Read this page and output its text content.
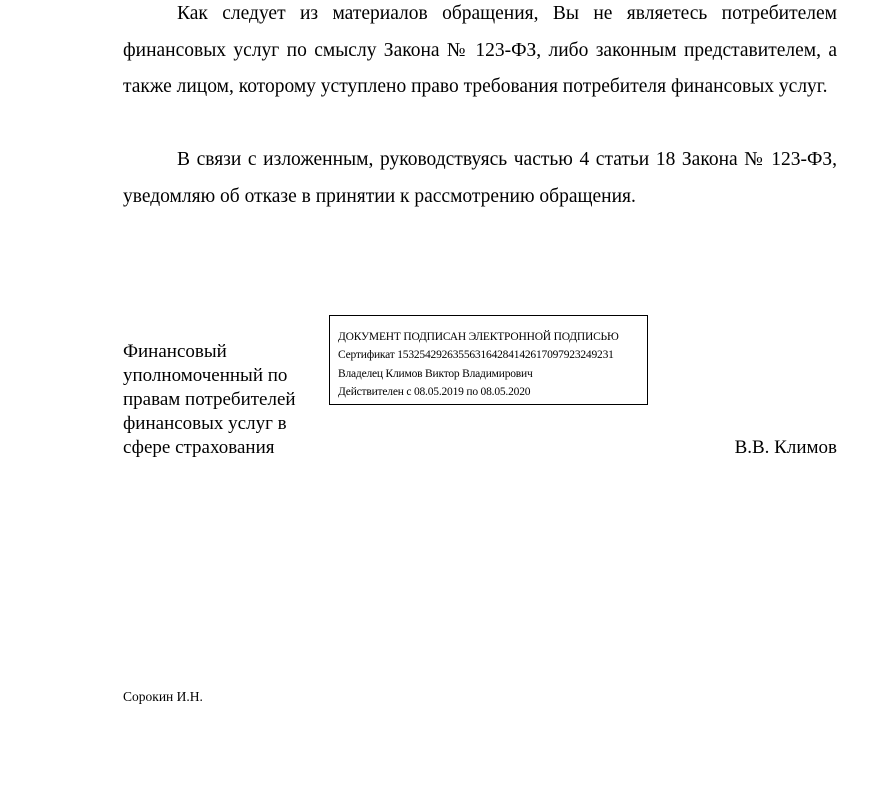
Как следует из материалов обращения, Вы не являетесь потребителем финансовых услуг по смыслу Закона № 123-ФЗ, либо законным представителем, а также лицом, которому уступлено право требования потребителя финансовых услуг.

В связи с изложенным, руководствуясь частью 4 статьи 18 Закона № 123-ФЗ, уведомляю об отказе в принятии к рассмотрению обращения.

Финансовый уполномоченный по правам потребителей финансовых услуг в сфере страхования

ДОКУМЕНТ ПОДПИСАН ЭЛЕКТРОННОЙ ПОДПИСЬЮ
Сертификат 153254292635563164284142617097923249231
Владелец Климов Виктор Владимирович
Действителен с 08.05.2019 по 08.05.2020

В.В. Климов

Сорокин И.Н.
